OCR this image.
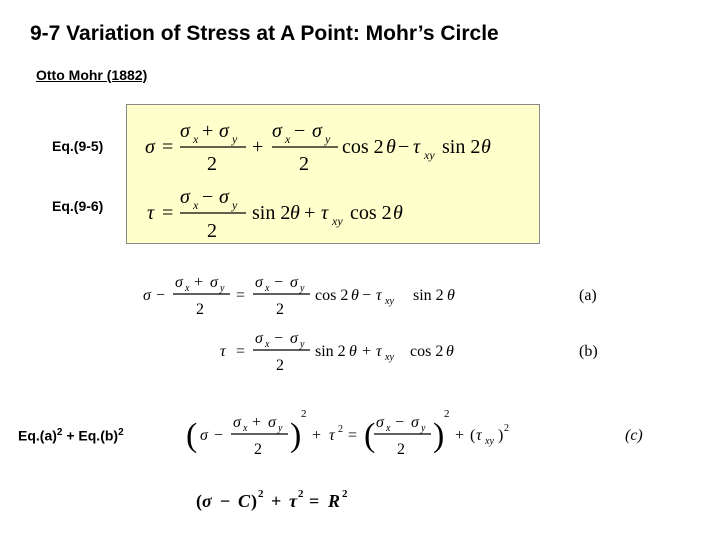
9-7 Variation of Stress at A Point: Mohr’s Circle
Otto Mohr (1882)
Eq.(9-5)
Eq.(9-6)
$Eq.(a)^2 + Eq.(b)^2$
σ =
σ x + σ y
2
+
σ x − σ y
2
cos 2 θ − τ xy sin 2 θ
τ =
σ x − σ y
2
sin 2 θ + τ xy cos 2 θ
σ −
σ x + σ y
2
=
σ x − σ y
2
cos 2 θ − τ xy sin 2 θ	(a)
τ =
σ x − σ y
2
sin 2 θ + τ xy cos 2 θ	(b)
( σ −
σ x + σ y
2 )
2
+ τ 2 = ( σ x − σ y
2 )
2
+ ( τ xy ) 2	(c)
( σ − C ) 2 + τ 2 = R 2
